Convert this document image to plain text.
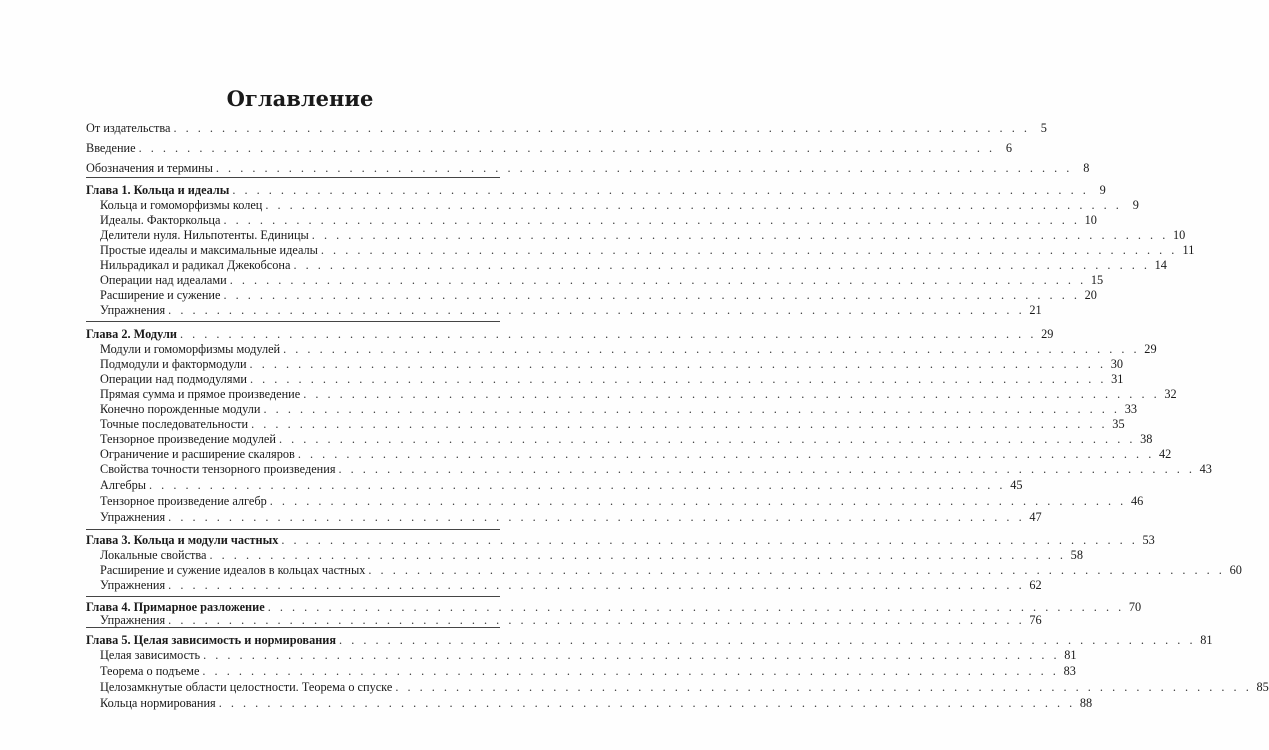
Оглавление
От издательства . . . . . . . . . . . . . . . . . . . . . . . . . . . . . . . . . . . . . . . . . . . . . . . . . . . . . . . . . . . . . . . . . . . . . . . 5
Введение . . . . . . . . . . . . . . . . . . . . . . . . . . . . . . . . . . . . . . . . . . . . . . . . . . . . . . . . . . . . . . . . . . . . . . . 6
Обозначения и термины . . . . . . . . . . . . . . . . . . . . . . . . . . . . . . . . . . . . . . . . . . . . . . . . . . . . . . . . . . . . . . . . . . . . . . . 8
Глава 1. Кольца и идеалы . . . . . . . . . . . . . . . . . . . . . . . . . . . . . . . . . . . . . . . . . . . . . . . . . . . . . . . . . . . . . . . . . . . . . . . 9
Кольца и гомоморфизмы колец . . . . . . . . . . . . . . . . . . . . . . . . . . . . . . . . . . . . . . . . . . . . . . . . . . . . . . . . . . . . . . . . . . . . . . . 9
Идеалы. Факторкольца . . . . . . . . . . . . . . . . . . . . . . . . . . . . . . . . . . . . . . . . . . . . . . . . . . . . . . . . . . . . . . . . . . . . . . . 10
Делители нуля. Нильпотенты. Единицы . . . . . . . . . . . . . . . . . . . . . . . . . . . . . . . . . . . . . . . . . . . . . . . . . . . . . . . . . . . . . . . . . . . . . . . 10
Простые идеалы и максимальные идеалы . . . . . . . . . . . . . . . . . . . . . . . . . . . . . . . . . . . . . . . . . . . . . . . . . . . . . . . . . . . . . . . . . . . . . . . 11
Нильрадикал и радикал Джекобсона . . . . . . . . . . . . . . . . . . . . . . . . . . . . . . . . . . . . . . . . . . . . . . . . . . . . . . . . . . . . . . . . . . . . . . . 14
Операции над идеалами . . . . . . . . . . . . . . . . . . . . . . . . . . . . . . . . . . . . . . . . . . . . . . . . . . . . . . . . . . . . . . . . . . . . . . . 15
Расширение и сужение . . . . . . . . . . . . . . . . . . . . . . . . . . . . . . . . . . . . . . . . . . . . . . . . . . . . . . . . . . . . . . . . . . . . . . . 20
Упражнения . . . . . . . . . . . . . . . . . . . . . . . . . . . . . . . . . . . . . . . . . . . . . . . . . . . . . . . . . . . . . . . . . . . . . . . 21
Глава 2. Модули . . . . . . . . . . . . . . . . . . . . . . . . . . . . . . . . . . . . . . . . . . . . . . . . . . . . . . . . . . . . . . . . . . . . . . . 29
Модули и гомоморфизмы модулей . . . . . . . . . . . . . . . . . . . . . . . . . . . . . . . . . . . . . . . . . . . . . . . . . . . . . . . . . . . . . . . . . . . . . . . 29
Подмодули и фактормодули . . . . . . . . . . . . . . . . . . . . . . . . . . . . . . . . . . . . . . . . . . . . . . . . . . . . . . . . . . . . . . . . . . . . . . . 30
Операции над подмодулями . . . . . . . . . . . . . . . . . . . . . . . . . . . . . . . . . . . . . . . . . . . . . . . . . . . . . . . . . . . . . . . . . . . . . . . 31
Прямая сумма и прямое произведение . . . . . . . . . . . . . . . . . . . . . . . . . . . . . . . . . . . . . . . . . . . . . . . . . . . . . . . . . . . . . . . . . . . . . . . 32
Конечно порожденные модули . . . . . . . . . . . . . . . . . . . . . . . . . . . . . . . . . . . . . . . . . . . . . . . . . . . . . . . . . . . . . . . . . . . . . . . 33
Точные последовательности . . . . . . . . . . . . . . . . . . . . . . . . . . . . . . . . . . . . . . . . . . . . . . . . . . . . . . . . . . . . . . . . . . . . . . . 35
Тензорное произведение модулей . . . . . . . . . . . . . . . . . . . . . . . . . . . . . . . . . . . . . . . . . . . . . . . . . . . . . . . . . . . . . . . . . . . . . . . 38
Ограничение и расширение скаляров . . . . . . . . . . . . . . . . . . . . . . . . . . . . . . . . . . . . . . . . . . . . . . . . . . . . . . . . . . . . . . . . . . . . . . . 42
Свойства точности тензорного произведения . . . . . . . . . . . . . . . . . . . . . . . . . . . . . . . . . . . . . . . . . . . . . . . . . . . . . . . . . . . . . . . . . . . . . . . 43
Алгебры . . . . . . . . . . . . . . . . . . . . . . . . . . . . . . . . . . . . . . . . . . . . . . . . . . . . . . . . . . . . . . . . . . . . . . . 45
Тензорное произведение алгебр . . . . . . . . . . . . . . . . . . . . . . . . . . . . . . . . . . . . . . . . . . . . . . . . . . . . . . . . . . . . . . . . . . . . . . . 46
Упражнения . . . . . . . . . . . . . . . . . . . . . . . . . . . . . . . . . . . . . . . . . . . . . . . . . . . . . . . . . . . . . . . . . . . . . . . 47
Глава 3. Кольца и модули частных . . . . . . . . . . . . . . . . . . . . . . . . . . . . . . . . . . . . . . . . . . . . . . . . . . . . . . . . . . . . . . . . . . . . . . . 53
Локальные свойства . . . . . . . . . . . . . . . . . . . . . . . . . . . . . . . . . . . . . . . . . . . . . . . . . . . . . . . . . . . . . . . . . . . . . . . 58
Расширение и сужение идеалов в кольцах частных . . . . . . . . . . . . . . . . . . . . . . . . . . . . . . . . . . . . . . . . . . . . . . . . . . . . . . . . . . . . . . . . . . . . . . . 60
Упражнения . . . . . . . . . . . . . . . . . . . . . . . . . . . . . . . . . . . . . . . . . . . . . . . . . . . . . . . . . . . . . . . . . . . . . . . 62
Глава 4. Примарное разложение . . . . . . . . . . . . . . . . . . . . . . . . . . . . . . . . . . . . . . . . . . . . . . . . . . . . . . . . . . . . . . . . . . . . . . . 70
Упражнения . . . . . . . . . . . . . . . . . . . . . . . . . . . . . . . . . . . . . . . . . . . . . . . . . . . . . . . . . . . . . . . . . . . . . . . 76
Глава 5. Целая зависимость и нормирования . . . . . . . . . . . . . . . . . . . . . . . . . . . . . . . . . . . . . . . . . . . . . . . . . . . . . . . . . . . . . . . . . . . . . . . 81
Целая зависимость . . . . . . . . . . . . . . . . . . . . . . . . . . . . . . . . . . . . . . . . . . . . . . . . . . . . . . . . . . . . . . . . . . . . . . . 81
Теорема о подъеме . . . . . . . . . . . . . . . . . . . . . . . . . . . . . . . . . . . . . . . . . . . . . . . . . . . . . . . . . . . . . . . . . . . . . . . 83
Целозамкнутые области целостности. Теорема о спуске . . . . . . . . . . . . . . . . . . . . . . . . . . . . . . . . . . . . . . . . . . . . . . . . . . . . . . . . . . . . . . . . . . . . . . . 85
Кольца нормирования . . . . . . . . . . . . . . . . . . . . . . . . . . . . . . . . . . . . . . . . . . . . . . . . . . . . . . . . . . . . . . . . . . . . . . . 88
